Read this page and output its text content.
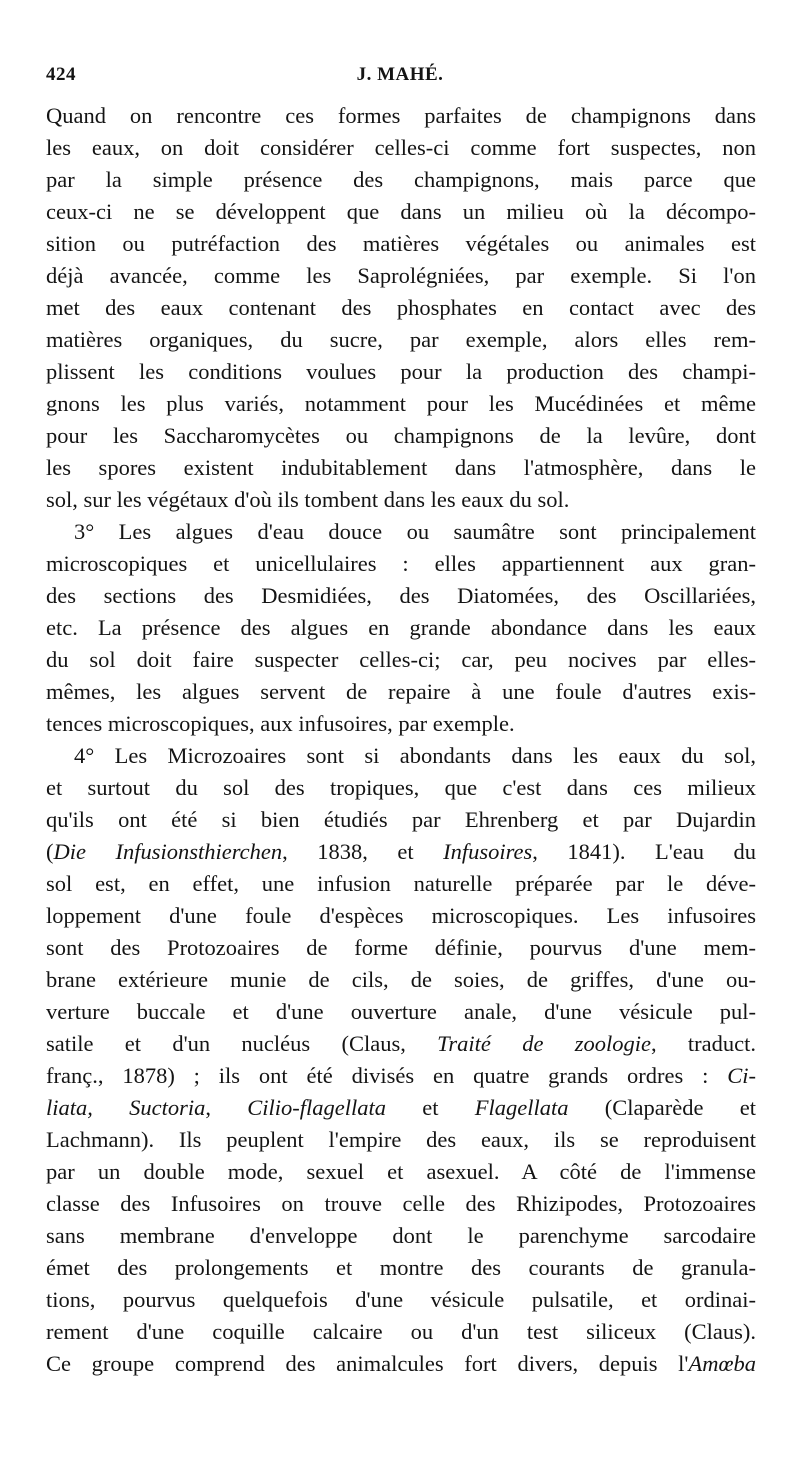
424	J. MAHÉ.
Quand on rencontre ces formes parfaites de champignons dans
les eaux, on doit considérer celles-ci comme fort suspectes, non
par la simple présence des champignons, mais parce que
ceux-ci ne se développent que dans un milieu où la décompo-
sition ou putréfaction des matières végétales ou animales est
déjà avancée, comme les Saprolégniées, par exemple. Si l'on
met des eaux contenant des phosphates en contact avec des
matières organiques, du sucre, par exemple, alors elles rem-
plissent les conditions voulues pour la production des champi-
gnons les plus variés, notamment pour les Mucédinées et même
pour les Saccharomycètes ou champignons de la levûre, dont
les spores existent indubitablement dans l'atmosphère, dans le
sol, sur les végétaux d'où ils tombent dans les eaux du sol.
3° Les algues d'eau douce ou saumâtre sont principalement
microscopiques et unicellulaires : elles appartiennent aux gran-
des sections des Desmidiées, des Diatomées, des Oscillariées,
etc. La présence des algues en grande abondance dans les eaux
du sol doit faire suspecter celles-ci; car, peu nocives par elles-
mêmes, les algues servent de repaire à une foule d'autres exis-
tences microscopiques, aux infusoires, par exemple.
4° Les Microzoaires sont si abondants dans les eaux du sol,
et surtout du sol des tropiques, que c'est dans ces milieux
qu'ils ont été si bien étudiés par Ehrenberg et par Dujardin
(Die Infusionsthierchen, 1838, et Infusoires, 1841). L'eau du
sol est, en effet, une infusion naturelle préparée par le déve-
loppement d'une foule d'espèces microscopiques. Les infusoires
sont des Protozoaires de forme définie, pourvus d'une mem-
brane extérieure munie de cils, de soies, de griffes, d'une ou-
verture buccale et d'une ouverture anale, d'une vésicule pul-
satile et d'un nucléus (Claus, Traité de zoologie, traduct.
franç., 1878) ; ils ont été divisés en quatre grands ordres : Ci-
liata, Suctoria, Cilio-flagellata et Flagellata (Claparède et
Lachmann). Ils peuplent l'empire des eaux, ils se reproduisent
par un double mode, sexuel et asexuel. A côté de l'immense
classe des Infusoires on trouve celle des Rhizipodes, Protozoaires
sans membrane d'enveloppe dont le parenchyme sarcodaire
émet des prolongements et montre des courants de granula-
tions, pourvus quelquefois d'une vésicule pulsatile, et ordinai-
rement d'une coquille calcaire ou d'un test siliceux (Claus).
Ce groupe comprend des animalcules fort divers, depuis l'Amœba
